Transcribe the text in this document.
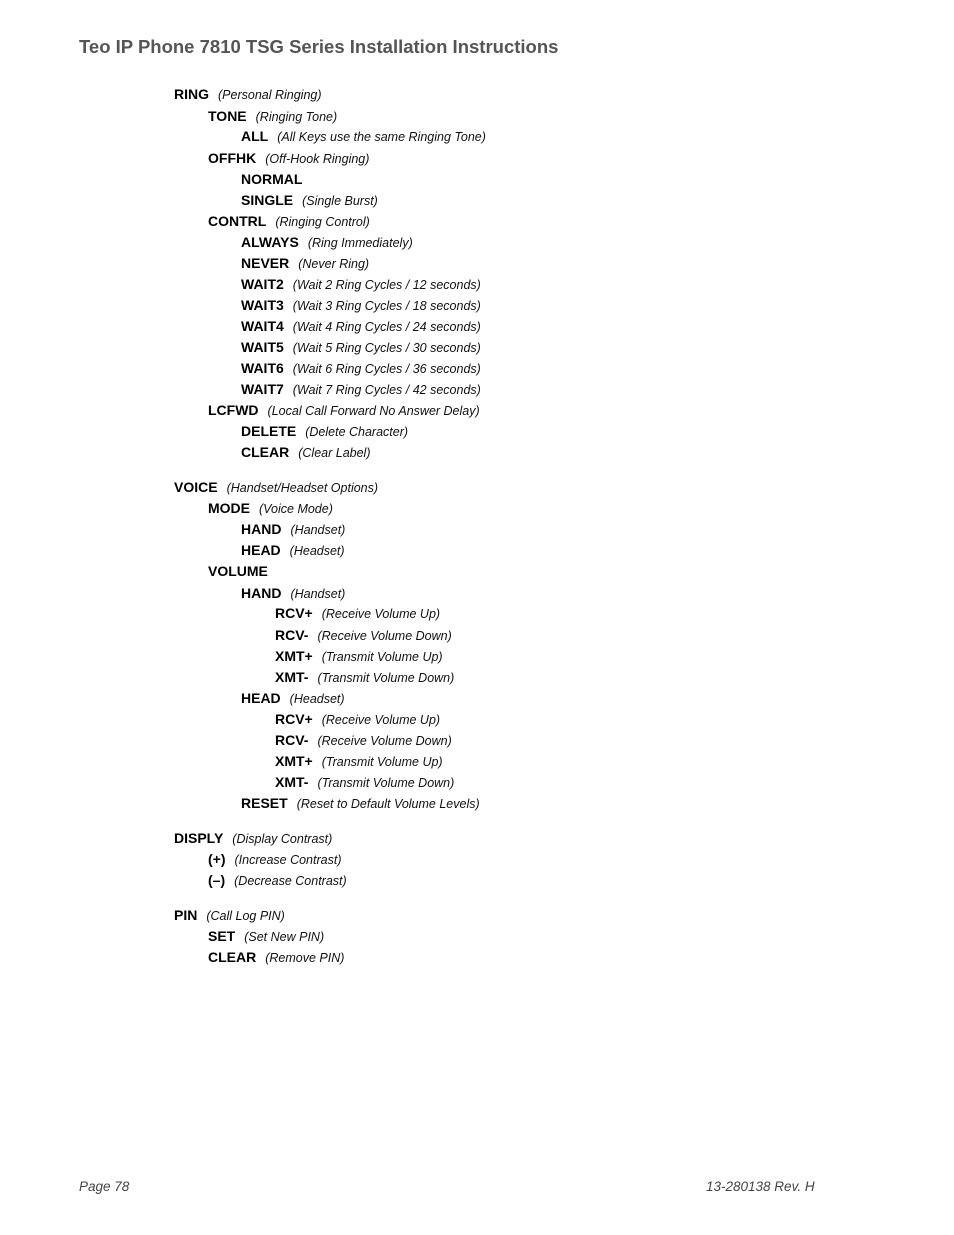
Teo IP Phone 7810 TSG Series Installation Instructions
RING (Personal Ringing)
TONE (Ringing Tone)
ALL (All Keys use the same Ringing Tone)
OFFHK (Off-Hook Ringing)
NORMAL
SINGLE (Single Burst)
CONTRL (Ringing Control)
ALWAYS (Ring Immediately)
NEVER (Never Ring)
WAIT2 (Wait 2 Ring Cycles / 12 seconds)
WAIT3 (Wait 3 Ring Cycles / 18 seconds)
WAIT4 (Wait 4 Ring Cycles / 24 seconds)
WAIT5 (Wait 5 Ring Cycles / 30 seconds)
WAIT6 (Wait 6 Ring Cycles / 36 seconds)
WAIT7 (Wait 7 Ring Cycles / 42 seconds)
LCFWD (Local Call Forward No Answer Delay)
DELETE (Delete Character)
CLEAR (Clear Label)
VOICE (Handset/Headset Options)
MODE (Voice Mode)
HAND (Handset)
HEAD (Headset)
VOLUME
HAND (Handset)
RCV+ (Receive Volume Up)
RCV- (Receive Volume Down)
XMT+ (Transmit Volume Up)
XMT- (Transmit Volume Down)
HEAD (Headset)
RCV+ (Receive Volume Up)
RCV- (Receive Volume Down)
XMT+ (Transmit Volume Up)
XMT- (Transmit Volume Down)
RESET (Reset to Default Volume Levels)
DISPLY (Display Contrast)
(+) (Increase Contrast)
(–) (Decrease Contrast)
PIN (Call Log PIN)
SET (Set New PIN)
CLEAR (Remove PIN)
Page 78	13-280138 Rev. H
